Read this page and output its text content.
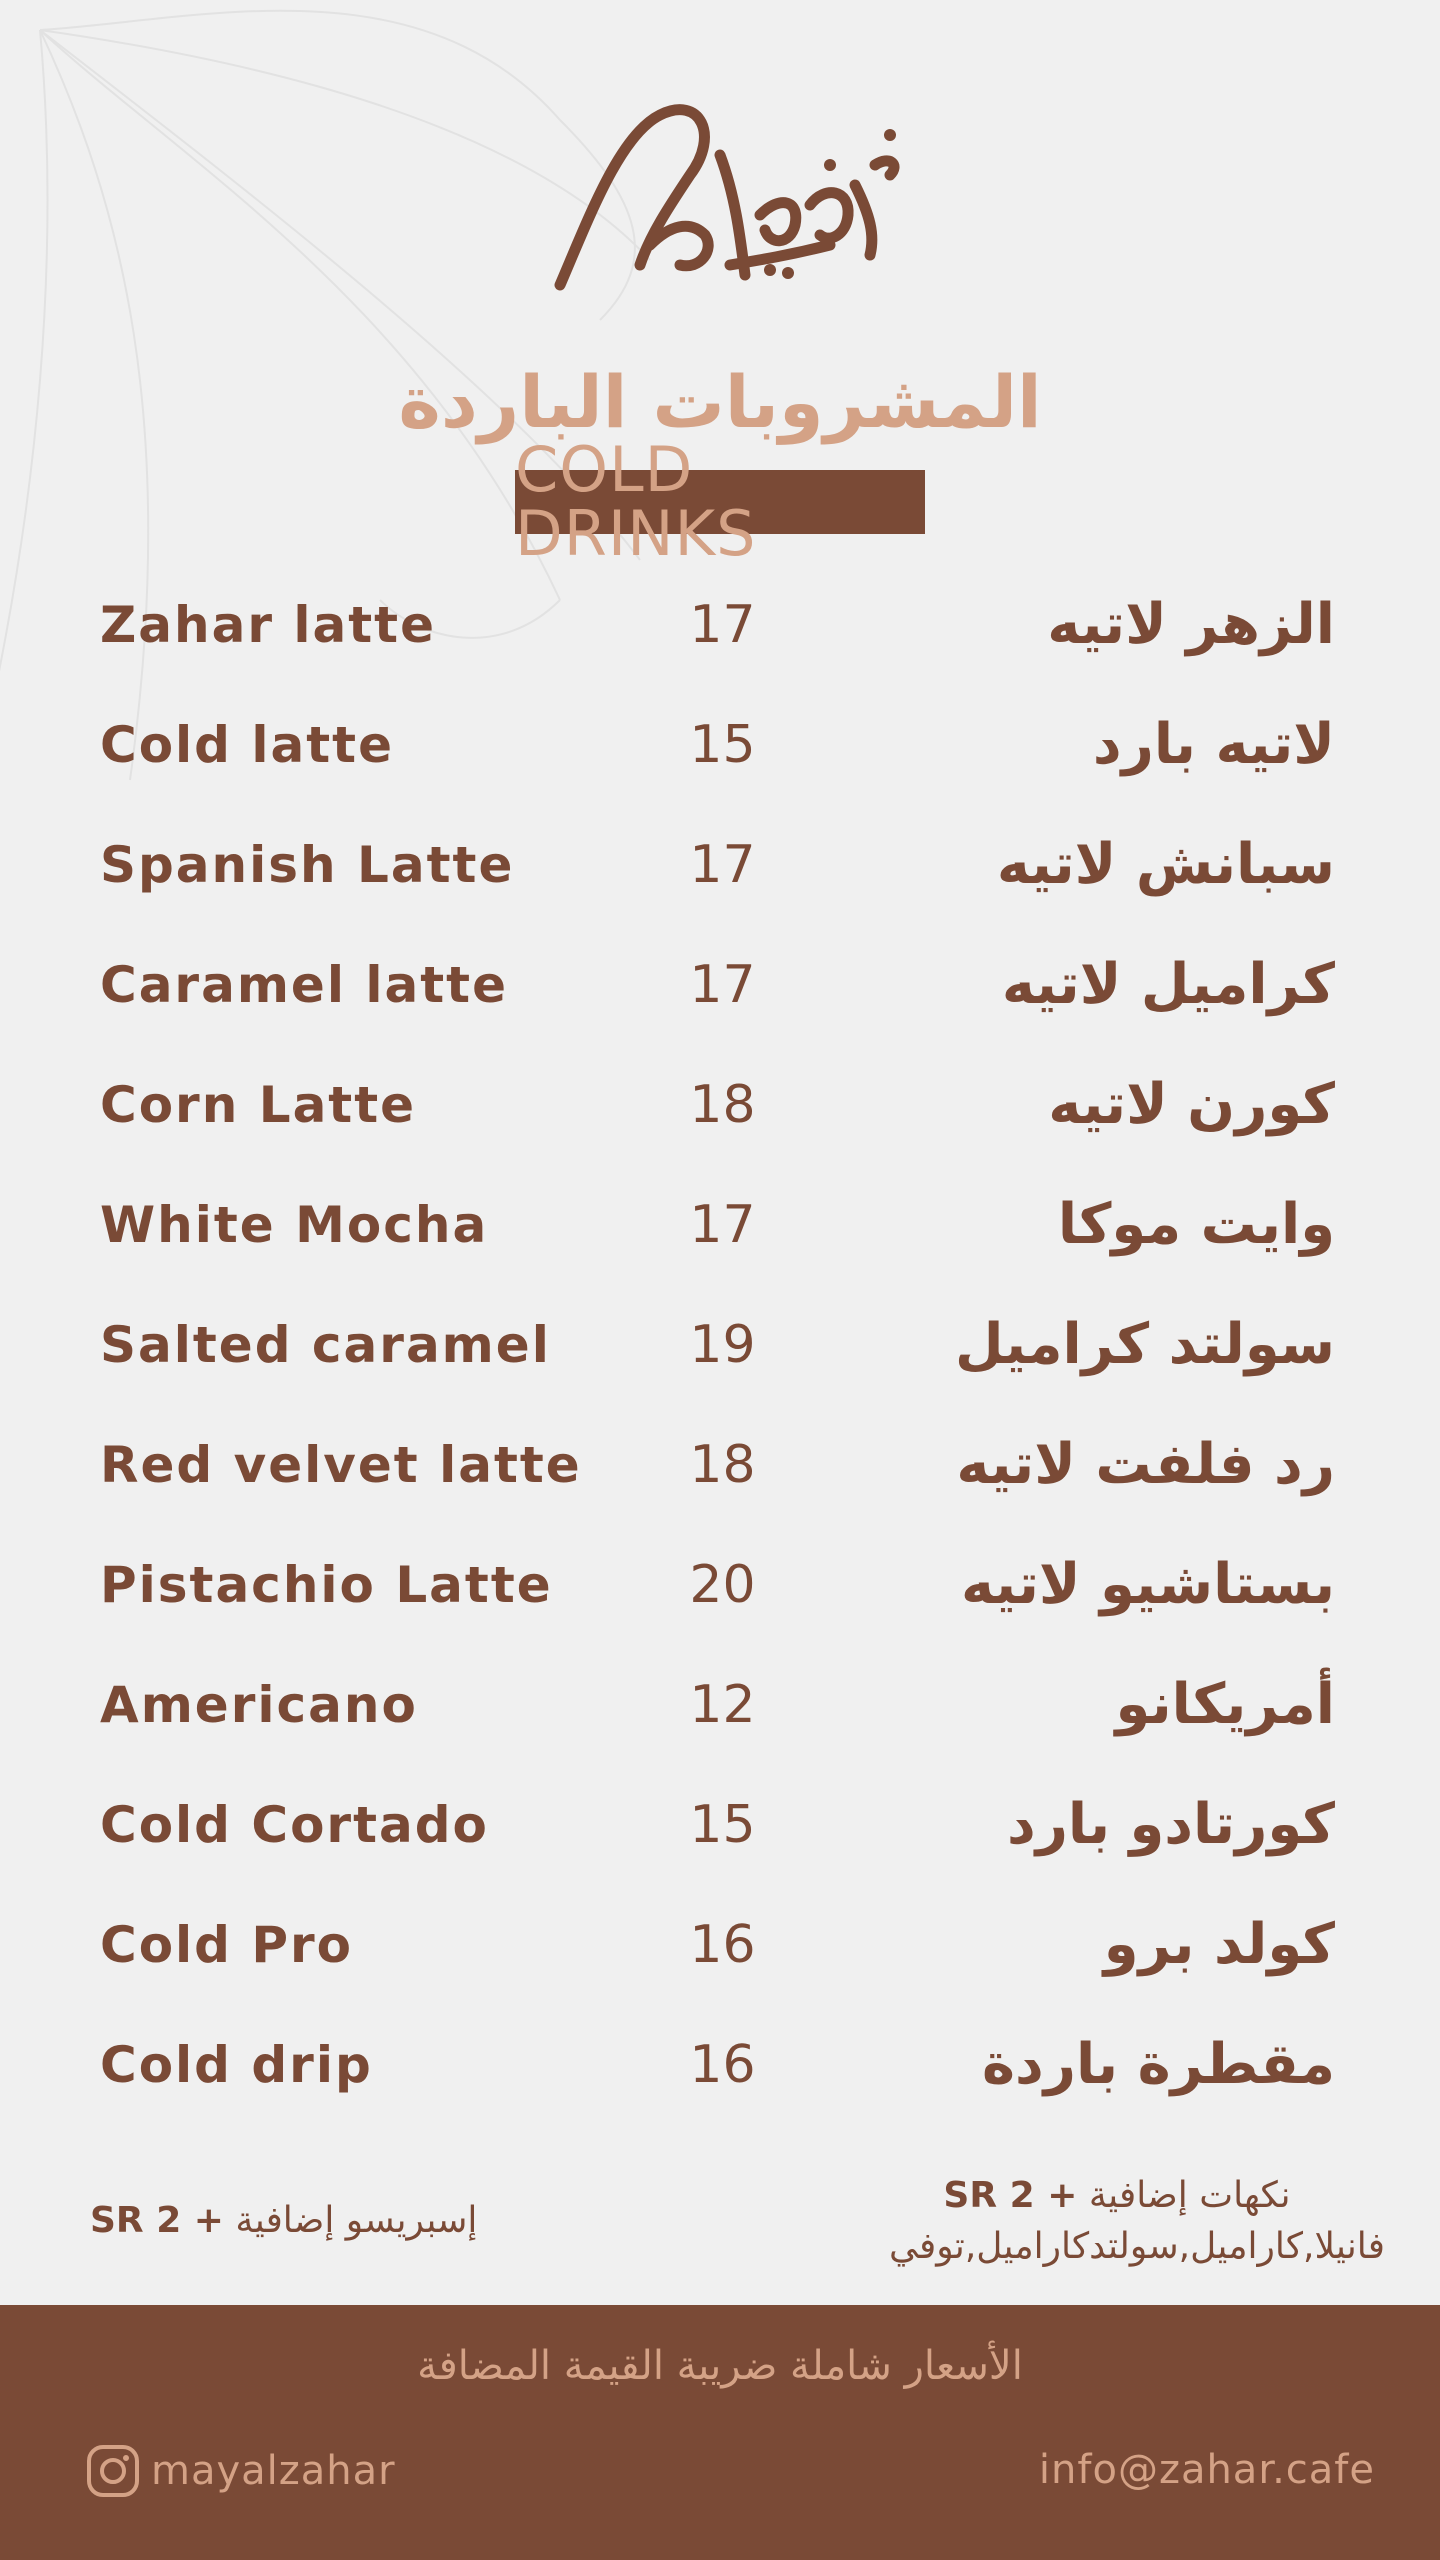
المشروبات الباردة
COLD DRINKS
Zahar latte	17	الزهر لاتيه
Cold latte	15	لاتيه بارد
Spanish Latte	17	سبانش لاتيه
Caramel latte	17	كراميل لاتيه
Corn Latte	18	كورن لاتيه
White Mocha	17	وايت موكا
Salted caramel	19	سولتد كراميل
Red velvet latte	18	رد فلفت لاتيه
Pistachio Latte	20	بستاشيو لاتيه
Americano	12	أمريكانو
Cold Cortado	15	كورتادو بارد
Cold Pro	16	كولد برو
Cold drip	16	مقطرة باردة
إسبريسو إضافية + 2 SR
نكهات إضافية + 2 SR
فانيلا,كاراميل,سولتدكاراميل,توفي
الأسعار شاملة ضريبة القيمة المضافة
mayalzahar	info@zahar.cafe
